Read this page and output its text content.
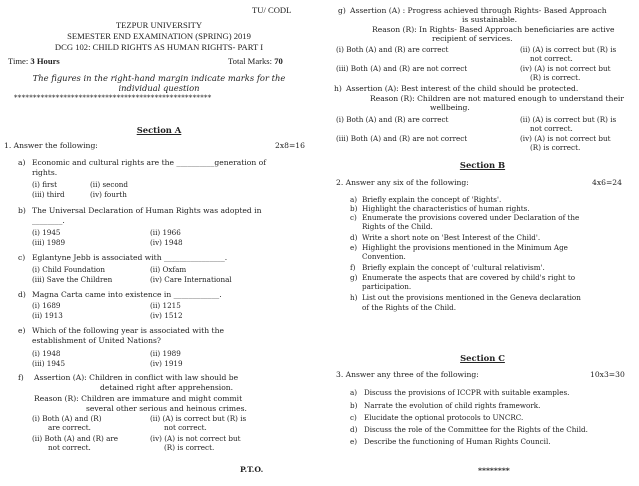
TU/ CODL
TEZPUR UNIVERSITY
SEMESTER END EXAMINATION (SPRING) 2019
DCG 102: CHILD RIGHTS AS HUMAN RIGHTS- PART I
Time: 3 Hours	Total Marks: 70
The figures in the right-hand margin indicate marks for the
individual question
****************************************************
Section A
1. Answer the following:	2x8=16
a) Economic and cultural rights are the __________generation of
rights.
(i) first	(ii) second
(iii) third	(iv) fourth
b) The Universal Declaration of Human Rights was adopted in
________.
(i) 1945	(ii) 1966
(iii) 1989	(iv) 1948
c) Eglantyne Jebb is associated with ________________.
(i) Child Foundation	(ii) Oxfam
(iii) Save the Children	(iv) Care International
d) Magna Carta came into existence in ____________.
(i) 1689	(ii) 1215
(ii) 1913	(iv) 1512
e) Which of the following year is associated with the
establishment of United Nations?
(i) 1948	(ii) 1989
(iii) 1945	(iv) 1919
f) Assertion (A): Children in conflict with law should be
detained right after apprehension.
Reason (R): Children are immature and might commit
several other serious and heinous crimes.
(i) Both (A) and (R)
are correct.
(ii) (A) is correct but (R) is
not correct.
(ii) Both (A) and (R) are
not correct.
(iv) (A) is not correct but
(R) is correct.
P.T.O.
g) Assertion (A) : Progress achieved through Rights- Based Approach
is sustainable.
Reason (R): In Rights- Based Approach beneficiaries are active
recipient of services.
(i) Both (A) and (R) are correct	(ii) (A) is correct but (R) is
not correct.
(iii) Both (A) and (R) are not correct	(iv) (A) is not correct but
(R) is correct.
h) Assertion (A): Best interest of the child should be protected.
Reason (R): Children are not matured enough to understand their
wellbeing.
(i) Both (A) and (R) are correct	(ii) (A) is correct but (R) is
not correct.
(iii) Both (A) and (R) are not correct	(iv) (A) is not correct but
(R) is correct.
Section B
2. Answer any six of the following:	4x6=24
a) Briefly explain the concept of 'Rights'.
b) Highlight the characteristics of human rights.
c) Enumerate the provisions covered under Declaration of the
Rights of the Child.
d) Write a short note on 'Best Interest of the Child'.
e) Highlight the provisions mentioned in the Minimum Age
Convention.
f) Briefly explain the concept of 'cultural relativism'.
g) Enumerate the aspects that are covered by child's right to
participation.
h) List out the provisions mentioned in the Geneva declaration
of the Rights of the Child.
Section C
3. Answer any three of the following:	10x3=30
a) Discuss the provisions of ICCPR with suitable examples.
b) Narrate the evolution of child rights framework.
c) Elucidate the optional protocols to UNCRC.
d) Discuss the role of the Committee for the Rights of the Child.
e) Describe the functioning of Human Rights Council.
********
